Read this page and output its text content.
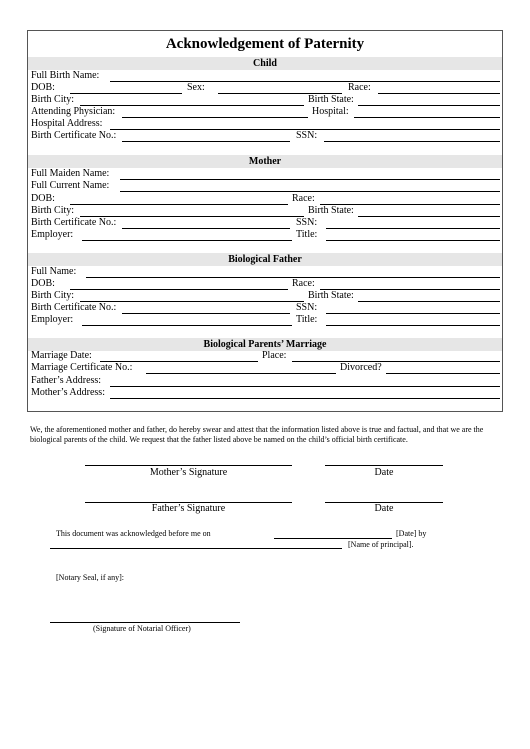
Acknowledgement of Paternity
Child
Full Birth Name:
DOB:	Sex:	Race:
Birth City:	Birth State:
Attending Physician:	Hospital:
Hospital Address:
Birth Certificate No.:	SSN:
Mother
Full Maiden Name:
Full Current Name:
DOB:	Race:
Birth City:	Birth State:
Birth Certificate No.:	SSN:
Employer:	Title:
Biological Father
Full Name:
DOB:	Race:
Birth City:	Birth State:
Birth Certificate No.:	SSN:
Employer:	Title:
Biological Parents’ Marriage
Marriage Date:	Place:
Marriage Certificate No.:	Divorced?
Father’s Address:
Mother’s Address:
We, the aforementioned mother and father, do hereby swear and attest that the information listed above is true and factual, and that we are the biological parents of the child. We request that the father listed above be named on the child’s official birth certificate.
Mother’s Signature	Date
Father’s Signature	Date
This document was acknowledged before me on	[Date] by
[Name of principal].
[Notary Seal, if any]:
(Signature of Notarial Officer)
